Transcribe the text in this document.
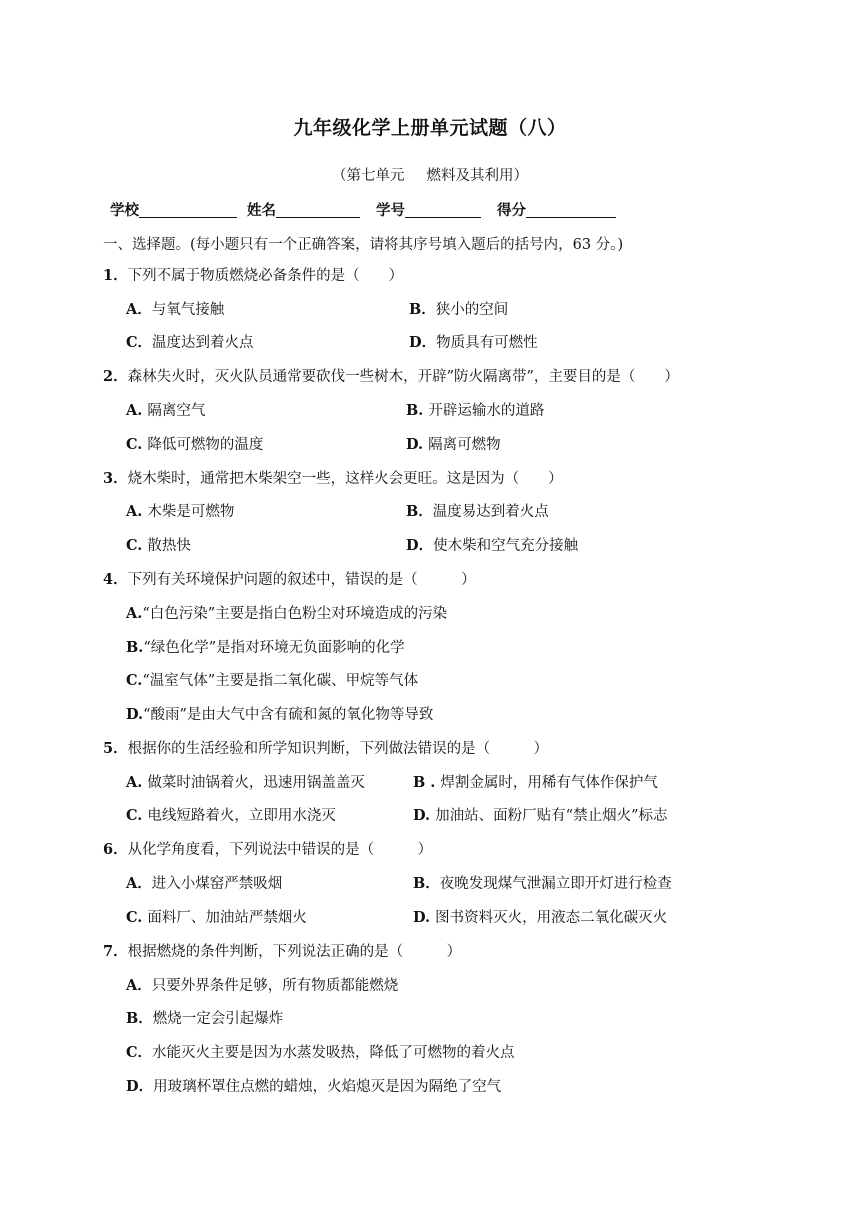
九年级化学上册单元试题（八）
（第七单元 燃料及其利用）
学校	姓名	学号	得分
一、选择题。(每小题只有一个正确答案，请将其序号填入题后的括号内，63 分。)
1．下列不属于物质燃烧必备条件的是（　　）
A．与氧气接触	B．狭小的空间
C．温度达到着火点	D．物质具有可燃性
2．森林失火时，灭火队员通常要砍伐一些树木，开辟”防火隔离带”，主要目的是（　　）
A. 隔离空气	B. 开辟运输水的道路
C. 降低可燃物的温度	D. 隔离可燃物
3．烧木柴时，通常把木柴架空一些，这样火会更旺。这是因为（　　）
A. 木柴是可燃物	B．温度易达到着火点
C. 散热快	D．使木柴和空气充分接触
4．下列有关环境保护问题的叙述中，错误的是（　　　）
A.“白色污染”主要是指白色粉尘对环境造成的污染
B.“绿色化学”是指对环境无负面影响的化学
C.“温室气体”主要是指二氧化碳、甲烷等气体
D.“酸雨”是由大气中含有硫和氮的氧化物等导致
5．根据你的生活经验和所学知识判断，下列做法错误的是（　　　）
A. 做菜时油锅着火，迅速用锅盖盖灭	B . 焊割金属时，用稀有气体作保护气
C. 电线短路着火，立即用水浇灭	D. 加油站、面粉厂贴有“禁止烟火”标志
6．从化学角度看，下列说法中错误的是（　　　）
A．进入小煤窑严禁吸烟	B．夜晚发现煤气泄漏立即开灯进行检查
C. 面料厂、加油站严禁烟火	D. 图书资料灭火，用液态二氧化碳灭火
7．根据燃烧的条件判断，下列说法正确的是（　　　）
A．只要外界条件足够，所有物质都能燃烧
B．燃烧一定会引起爆炸
C．水能灭火主要是因为水蒸发吸热，降低了可燃物的着火点
D．用玻璃杯罩住点燃的蜡烛，火焰熄灭是因为隔绝了空气
